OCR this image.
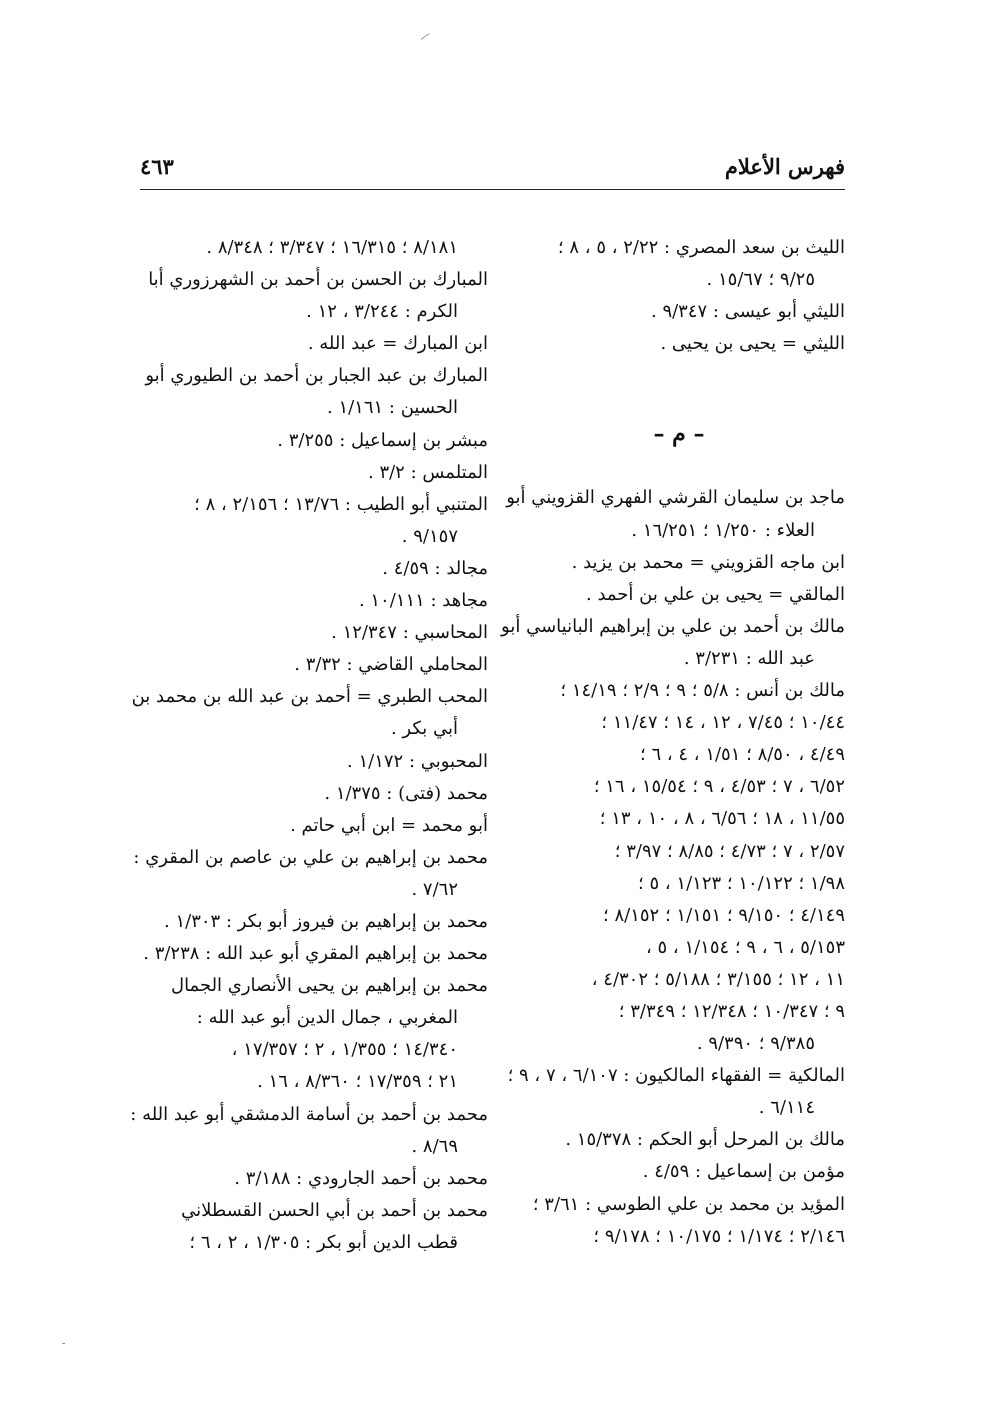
فهرس الأعلام
٤٦٣
الليث بن سعد المصري : ٢/٢٢ ، ٥ ، ٨ ؛
٩/٢٥ ؛ ١٥/٦٧ .
الليثي أبو عيسى : ٩/٣٤٧ .
الليثي = يحيى بن يحيى .
– م –
ماجد بن سليمان القرشي الفهري القزويني أبو
العلاء : ١/٢٥٠ ؛ ١٦/٢٥١ .
ابن ماجه القزويني = محمد بن يزيد .
المالقي = يحيى بن علي بن أحمد .
مالك بن أحمد بن علي بن إبراهيم البانياسي أبو
عبد الله : ٣/٢٣١ .
مالك بن أنس : ٥/٨ ؛ ٩ ؛ ٢/٩ ؛ ١٤/١٩ ؛
١٠/٤٤ ؛ ٧/٤٥ ، ١٢ ، ١٤ ؛ ١١/٤٧ ؛
٤/٤٩ ، ٨/٥٠ ؛ ١/٥١ ، ٤ ، ٦ ؛
٦/٥٢ ، ٧ ؛ ٤/٥٣ ، ٩ ؛ ١٥/٥٤ ، ١٦ ؛
١١/٥٥ ، ١٨ ؛ ٦/٥٦ ، ٨ ، ١٠ ، ١٣ ؛
٢/٥٧ ، ٧ ؛ ٤/٧٣ ؛ ٨/٨٥ ؛ ٣/٩٧ ؛
١/٩٨ ؛ ١٠/١٢٢ ؛ ١/١٢٣ ، ٥ ؛
٤/١٤٩ ؛ ٩/١٥٠ ؛ ١/١٥١ ؛ ٨/١٥٢ ؛
٥/١٥٣ ، ٦ ، ٩ ؛ ١/١٥٤ ، ٥ ،
١١ ، ١٢ ؛ ٣/١٥٥ ؛ ٥/١٨٨ ؛ ٤/٣٠٢ ،
٩ ؛ ١٠/٣٤٧ ؛ ١٢/٣٤٨ ؛ ٣/٣٤٩ ؛
٩/٣٨٥ ؛ ٩/٣٩٠ .
المالكية = الفقهاء المالكيون : ٦/١٠٧ ، ٧ ، ٩ ؛
٦/١١٤ .
مالك بن المرحل أبو الحكم : ١٥/٣٧٨ .
مؤمن بن إسماعيل : ٤/٥٩ .
المؤيد بن محمد بن علي الطوسي : ٣/٦١ ؛
٢/١٤٦ ؛ ١/١٧٤ ؛ ١٠/١٧٥ ؛ ٩/١٧٨ ؛
٨/١٨١ ؛ ١٦/٣١٥ ؛ ٣/٣٤٧ ؛ ٨/٣٤٨ .
المبارك بن الحسن بن أحمد بن الشهرزوري أبا
الكرم : ٣/٢٤٤ ، ١٢ .
ابن المبارك = عبد الله .
المبارك بن عبد الجبار بن أحمد بن الطيوري أبو
الحسين : ١/١٦١ .
مبشر بن إسماعيل : ٣/٢٥٥ .
المتلمس : ٣/٢ .
المتنبي أبو الطيب : ١٣/٧٦ ؛ ٢/١٥٦ ، ٨ ؛
٩/١٥٧ .
مجالد : ٤/٥٩ .
مجاهد : ١٠/١١١ .
المحاسبي : ١٢/٣٤٧ .
المحاملي القاضي : ٣/٣٢ .
المحب الطبري = أحمد بن عبد الله بن محمد بن
أبي بكر .
المحبوبي : ١/١٧٢ .
محمد (فتى) : ١/٣٧٥ .
أبو محمد = ابن أبي حاتم .
محمد بن إبراهيم بن علي بن عاصم بن المقري :
٧/٦٢ .
محمد بن إبراهيم بن فيروز أبو بكر : ١/٣٠٣ .
محمد بن إبراهيم المقري أبو عبد الله : ٣/٢٣٨ .
محمد بن إبراهيم بن يحيى الأنصاري الجمال
المغربي ، جمال الدين أبو عبد الله :
١٤/٣٤٠ ؛ ١/٣٥٥ ، ٢ ؛ ١٧/٣٥٧ ،
٢١ ؛ ١٧/٣٥٩ ؛ ٨/٣٦٠ ، ١٦ .
محمد بن أحمد بن أسامة الدمشقي أبو عبد الله :
٨/٦٩ .
محمد بن أحمد الجارودي : ٣/١٨٨ .
محمد بن أحمد بن أبي الحسن القسطلاني
قطب الدين أبو بكر : ١/٣٠٥ ، ٢ ، ٦ ؛
